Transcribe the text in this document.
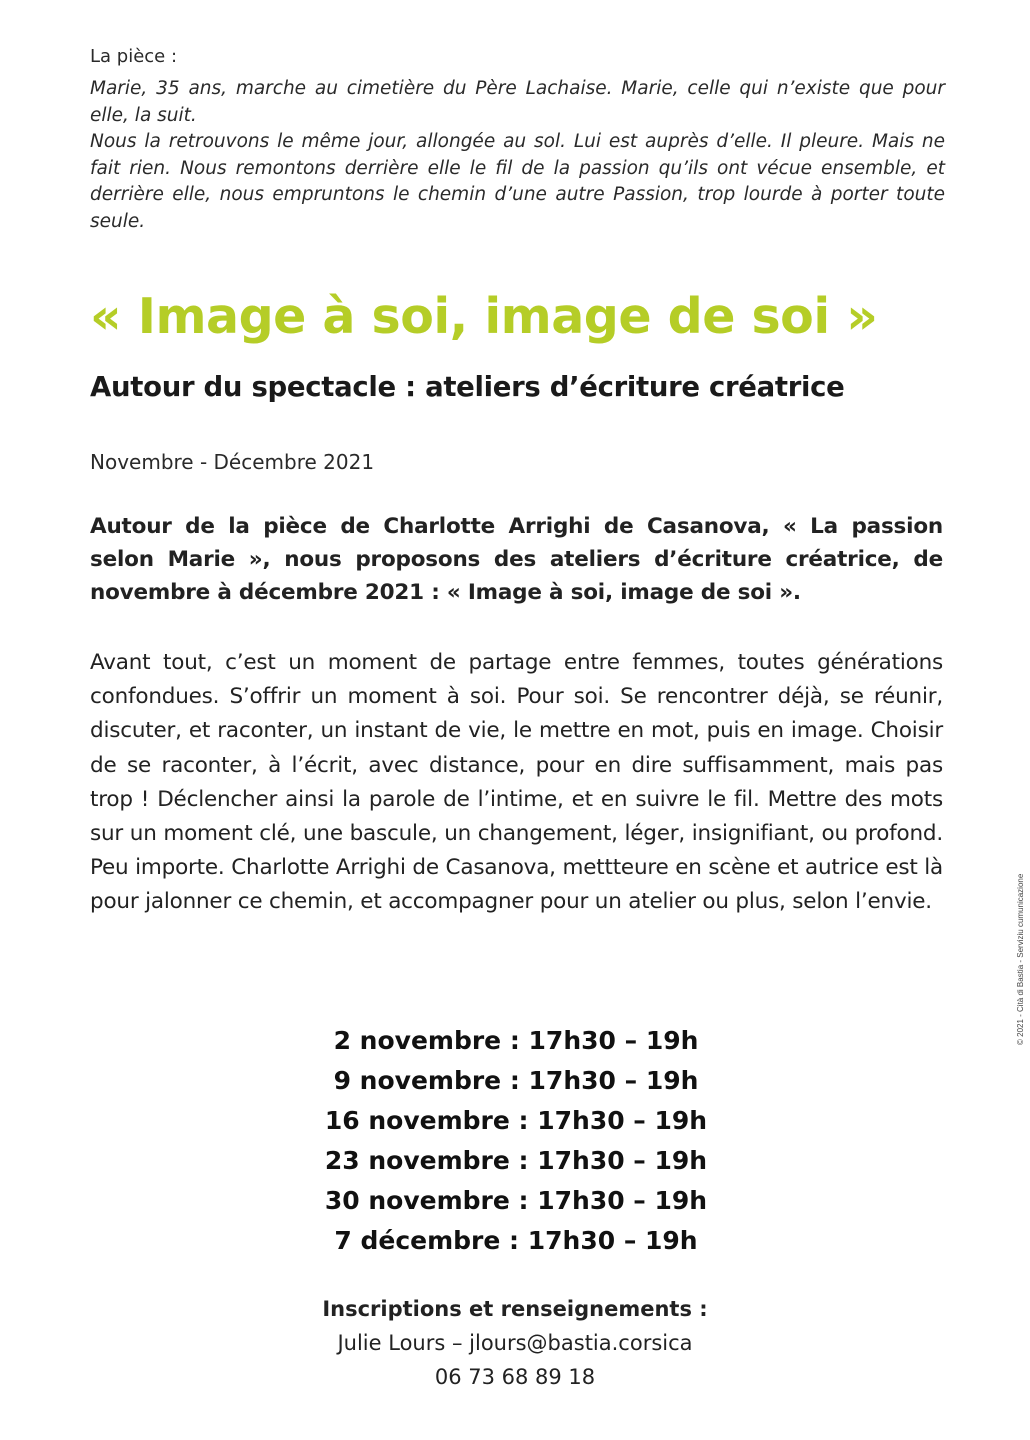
La pièce :

Marie, 35 ans, marche au cimetière du Père Lachaise. Marie, celle qui n’existe que pour elle, la suit.

Nous la retrouvons le même jour, allongée au sol. Lui est auprès d’elle. Il pleure. Mais ne fait rien. Nous remontons derrière elle le fil de la passion qu’ils ont vécue ensemble, et derrière elle, nous empruntons le chemin d’une autre Passion, trop lourde à porter toute seule.

« Image à soi, image de soi »
Autour du spectacle : ateliers d’écriture créatrice
Novembre - Décembre 2021

Autour de la pièce de Charlotte Arrighi de Casanova, « La passion selon Marie », nous proposons des ateliers d’écriture créatrice, de novembre à décembre 2021 : « Image à soi, image de soi ».

Avant tout, c’est un moment de partage entre femmes, toutes générations confondues. S’offrir un moment à soi. Pour soi. Se rencontrer déjà, se réunir, discuter, et raconter, un instant de vie, le mettre en mot, puis en image. Choisir de se raconter, à l’écrit, avec distance, pour en dire suffisamment, mais pas trop ! Déclencher ainsi la parole de l’intime, et en suivre le fil. Mettre des mots sur un moment clé, une bascule, un changement, léger, insignifiant, ou profond. Peu importe. Charlotte Arrighi de Casanova, mettteure en scène et autrice est là pour jalonner ce chemin, et accompagner pour un atelier ou plus, selon l’envie.

2 novembre : 17h30 – 19h
9 novembre : 17h30 – 19h
16 novembre : 17h30 – 19h
23 novembre : 17h30 – 19h
30 novembre : 17h30 – 19h
7 décembre : 17h30 – 19h
Inscriptions et renseignements :
Julie Lours – jlours@bastia.corsica
06 73 68 89 18
© 2021 - Cità di Bastia - Serviziu cumunicazione
